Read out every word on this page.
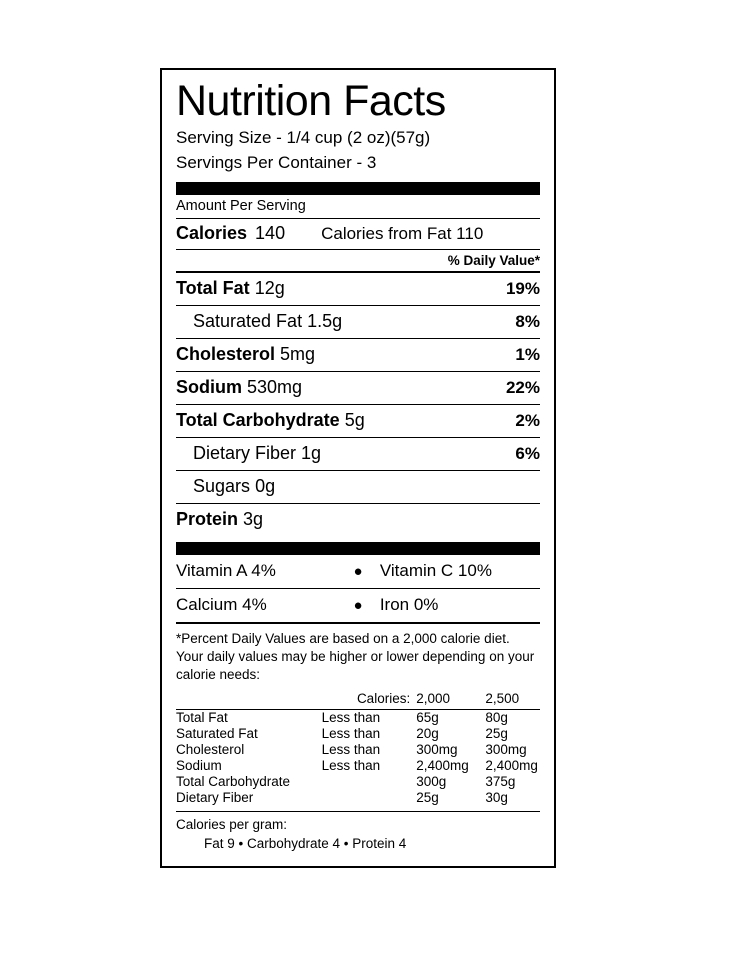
Nutrition Facts
Serving Size - 1/4 cup (2 oz)(57g)
Servings Per Container - 3
Amount Per Serving
Calories 140 Calories from Fat 110
% Daily Value*
Total Fat 12g	19%
Saturated Fat 1.5g	8%
Cholesterol 5mg	1%
Sodium 530mg	22%
Total Carbohydrate 5g	2%
Dietary Fiber 1g	6%
Sugars 0g
Protein 3g
Vitamin A 4%	●	Vitamin C 10%
Calcium 4%	●	Iron 0%
*Percent Daily Values are based on a 2,000 calorie diet. Your daily values may be higher or lower depending on your calorie needs:
	Calories:	2,000	2,500
Total Fat	Less than	65g	80g
Saturated Fat	Less than	20g	25g
Cholesterol	Less than	300mg	300mg
Sodium	Less than	2,400mg	2,400mg
Total Carbohydrate		300g	375g
Dietary Fiber		25g	30g
Calories per gram:
Fat 9 • Carbohydrate 4 • Protein 4
